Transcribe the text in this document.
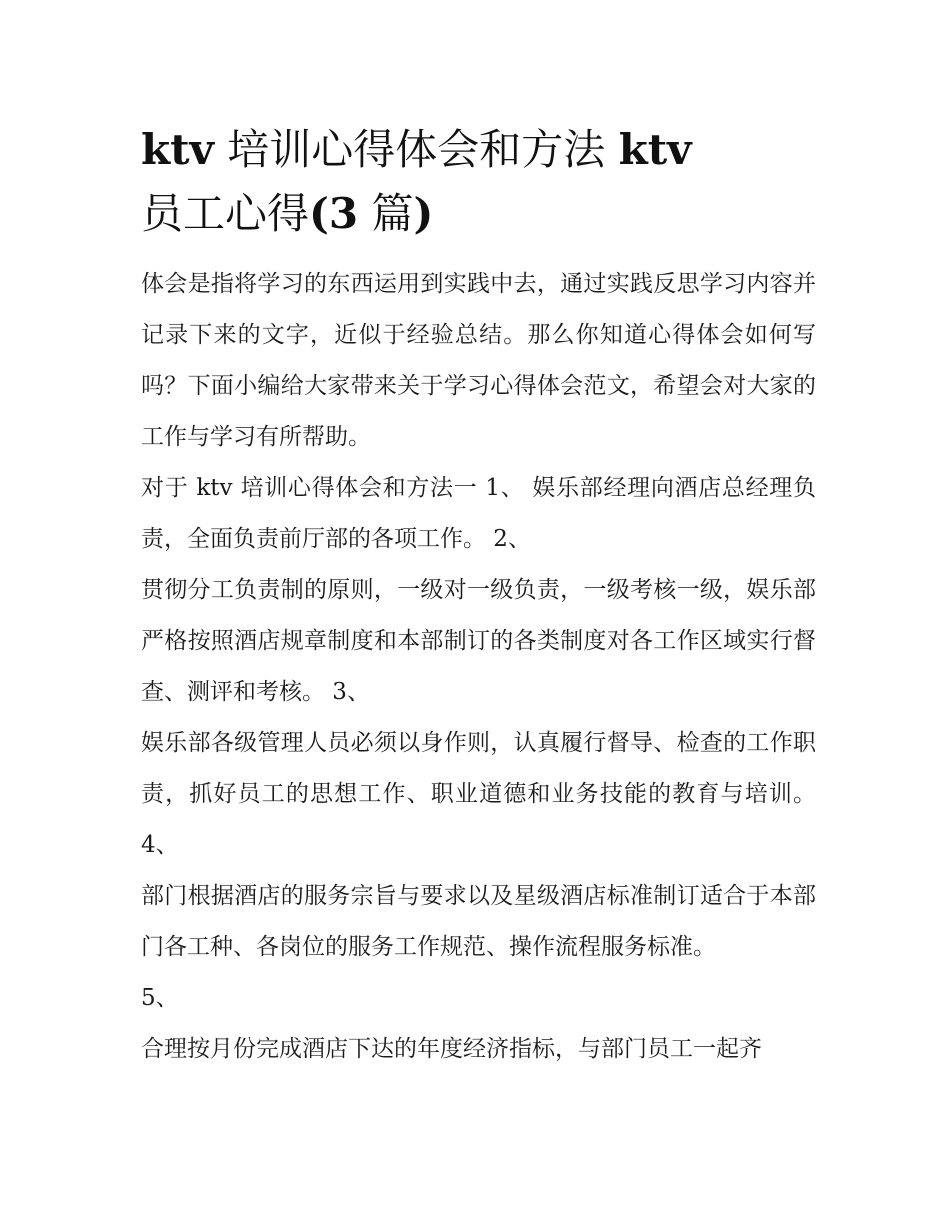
ktv 培训心得体会和方法 ktv
员工心得(3 篇)

体会是指将学习的东西运用到实践中去，通过实践反思学习内容并记录下来的文字，近似于经验总结。那么你知道心得体会如何写吗？下面小编给大家带来关于学习心得体会范文，希望会对大家的工作与学习有所帮助。

对于 ktv 培训心得体会和方法一 1、 娱乐部经理向酒店总经理负责，全面负责前厅部的各项工作。 2、

贯彻分工负责制的原则，一级对一级负责，一级考核一级，娱乐部严格按照酒店规章制度和本部制订的各类制度对各工作区域实行督查、测评和考核。 3、

娱乐部各级管理人员必须以身作则，认真履行督导、检查的工作职责，抓好员工的思想工作、职业道德和业务技能的教育与培训。 4、

部门根据酒店的服务宗旨与要求以及星级酒店标准制订适合于本部门各工种、各岗位的服务工作规范、操作流程服务标准。

5、

合理按月份完成酒店下达的年度经济指标，与部门员工一起齐
